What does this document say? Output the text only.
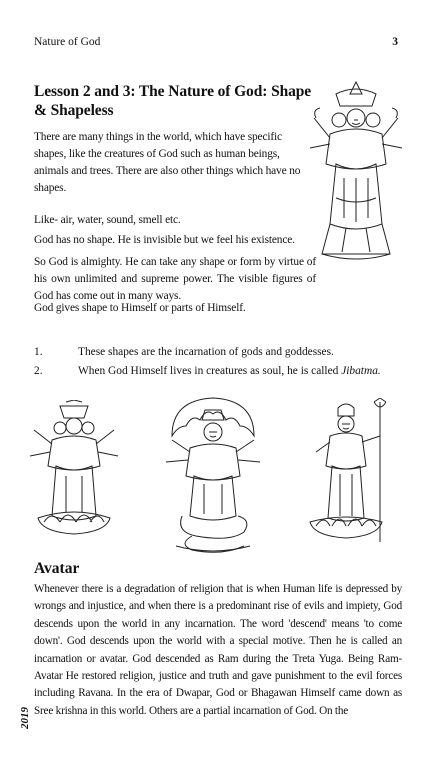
Nature of God	3
Lesson 2 and 3: The Nature of God: Shape & Shapeless

There are many things in the world, which have specific shapes, like the creatures of God such as human beings, animals and trees. There are also other things which have no shapes.

Like- air, water, sound, smell etc.

God has no shape. He is invisible but we feel his existence.

So God is almighty. He can take any shape or form by virtue of his own unlimited and supreme power. The visible figures of God has come out in many ways.

God gives shape to Himself or parts of Himself.

1.	These shapes are the incarnation of gods and goddesses.
2.	When God Himself lives in creatures as soul, he is called Jibatma.
Avatar

Whenever there is a degradation of religion that is when Human life is depressed by wrongs and injustice, and when there is a predominant rise of evils and impiety, God descends upon the world in any incarnation. The word 'descend' means 'to come down'. God descends upon the world with a special motive. Then he is called an incarnation or avatar. God descended as Ram during the Treta Yuga. Being Ram-Avatar He restored religion, justice and truth and gave punishment to the evil forces including Ravana. In the era of Dwapar, God or Bhagawan Himself came down as Sree krishna in this world. Others are a partial incarnation of God. On the

2019
